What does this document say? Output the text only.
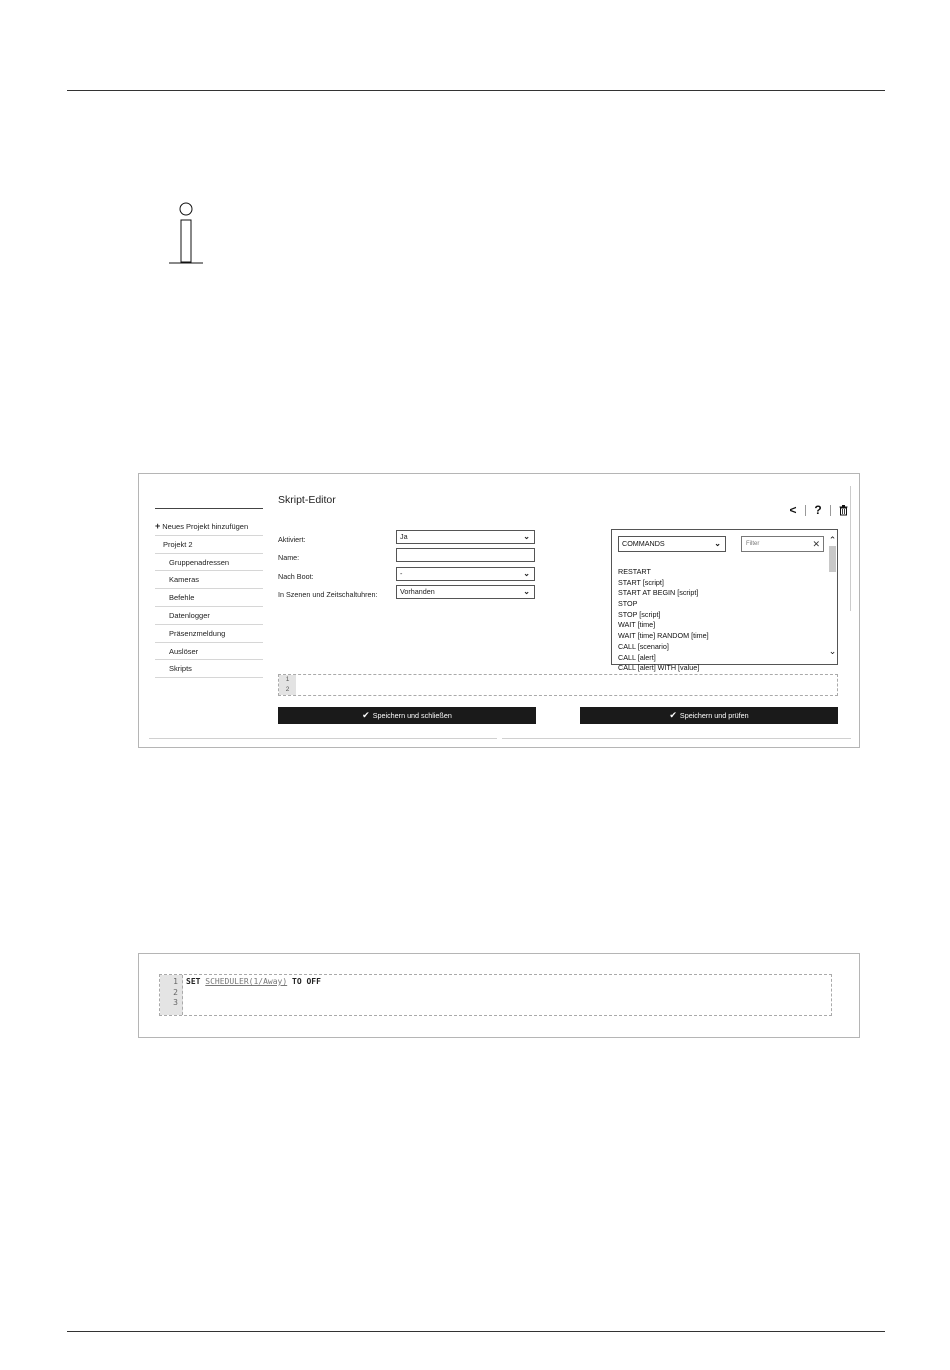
+ Neues Projekt hinzufügen
Projekt 2
Gruppenadressen
Kameras
Befehle
Datenlogger
Präsenzmeldung
Auslöser
Skripts
Skript-Editor
< ?
Aktiviert:	Ja	⌄
Name:
Nach Boot:	-	⌄
In Szenen und Zeitschaltuhren:	Vorhanden	⌄
COMMANDS	⌄	Filter	✕
RESTART
START [script]
START AT BEGIN [script]
STOP
STOP [script]
WAIT [time]
WAIT [time] RANDOM [time]
CALL [scenario]
CALL [alert]
CALL [alert] WITH [value]
⌃
⌄
1
2
✔ Speichern und schließen	✔ Speichern und prüfen
1
2
3
SET SCHEDULER(1/Away) TO OFF
